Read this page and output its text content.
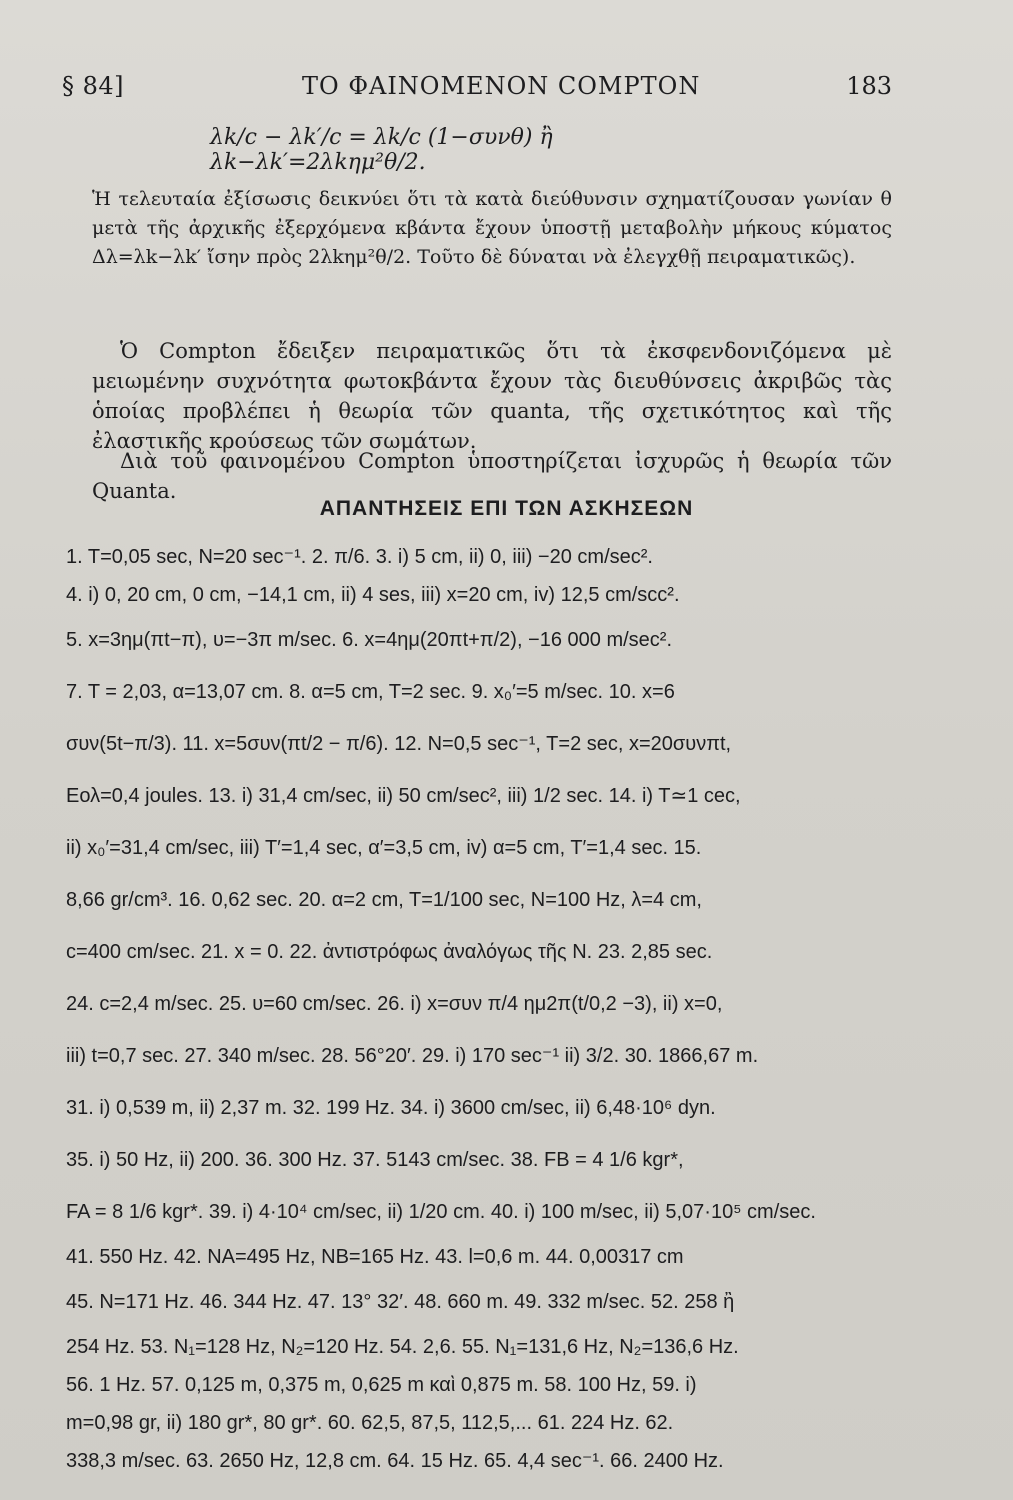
§ 84]	ΤΟ ΦΑΙΝΟΜΕΝΟΝ COMPTON	183
λk/c − λk′/c = λk/c (1−συνθ) ἢ λk−λk′=2λkημ²θ/2.
Ἡ τελευταία ἐξίσωσις δεικνύει ὅτι τὰ κατὰ διεύθυνσιν σχηματίζουσαν γωνίαν θ μετὰ τῆς ἀρχικῆς ἐξερχόμενα κβάντα ἔχουν ὑποστῇ μεταβολὴν μήκους κύματος Δλ=λk−λk′ ἴσην πρὸς 2λkημ²θ/2. Τοῦτο δὲ δύναται νὰ ἐλεγχθῇ πειραματικῶς).
Ὁ Compton ἔδειξεν πειραματικῶς ὅτι τὰ ἐκσφενδονιζόμενα μὲ μειωμένην συχνότητα φωτοκβάντα ἔχουν τὰς διευθύνσεις ἀκριβῶς τὰς ὁποίας προβλέπει ἡ θεωρία τῶν quanta, τῆς σχετικότητος καὶ τῆς ἐλαστικῆς κρούσεως τῶν σωμάτων.
Διὰ τοῦ φαινομένου Compton ὑποστηρίζεται ἰσχυρῶς ἡ θεωρία τῶν Quanta.
ΑΠΑΝΤΗΣΕΙΣ ΕΠΙ ΤΩΝ ΑΣΚΗΣΕΩΝ
1. T=0,05 sec, N=20 sec⁻¹. 2. π/6. 3. i) 5 cm, ii) 0, iii) −20 cm/sec².
4. i) 0, 20 cm, 0 cm, −14,1 cm, ii) 4 ses, iii) x=20 cm, iv) 12,5 cm/scc².
5. x=3ημ(πt−π), υ=−3π m/sec. 6. x=4ημ(20πt+π/2), −16 000 m/sec².
7. T = 2,03, α=13,07 cm. 8. α=5 cm, T=2 sec. 9. x₀′=5 m/sec. 10. x=6
συν(5t−π/3). 11. x=5συν(πt/2 − π/6). 12. N=0,5 sec⁻¹, T=2 sec, x=20συνπt,
Eολ=0,4 joules. 13. i) 31,4 cm/sec, ii) 50 cm/sec², iii) 1/2 sec. 14. i) T≃1 cec,
ii) x₀′=31,4 cm/sec, iii) T′=1,4 sec, α′=3,5 cm, iv) α=5 cm, T′=1,4 sec. 15.
8,66 gr/cm³. 16. 0,62 sec. 20. α=2 cm, T=1/100 sec, N=100 Hz, λ=4 cm,
c=400 cm/sec. 21. x = 0. 22. ἀντιστρόφως ἀναλόγως τῆς N. 23. 2,85 sec.
24. c=2,4 m/sec. 25. υ=60 cm/sec. 26. i) x=συν π/4 ημ2π(t/0,2 −3), ii) x=0,
iii) t=0,7 sec. 27. 340 m/sec. 28. 56°20′. 29. i) 170 sec⁻¹ ii) 3/2. 30. 1866,67 m.
31. i) 0,539 m, ii) 2,37 m. 32. 199 Hz. 34. i) 3600 cm/sec, ii) 6,48·10⁶ dyn.
35. i) 50 Hz, ii) 200. 36. 300 Hz. 37. 5143 cm/sec. 38. FB = 4 1/6 kgr*,
FA = 8 1/6 kgr*. 39. i) 4·10⁴ cm/sec, ii) 1/20 cm. 40. i) 100 m/sec, ii) 5,07·10⁵ cm/sec.
41. 550 Hz. 42. NA=495 Hz, NB=165 Hz. 43. l=0,6 m. 44. 0,00317 cm
45. N=171 Hz. 46. 344 Hz. 47. 13° 32′. 48. 660 m. 49. 332 m/sec. 52. 258 ἢ
254 Hz. 53. N₁=128 Hz, N₂=120 Hz. 54. 2,6. 55. N₁=131,6 Hz, N₂=136,6 Hz.
56. 1 Hz. 57. 0,125 m, 0,375 m, 0,625 m καὶ 0,875 m. 58. 100 Hz, 59. i)
m=0,98 gr, ii) 180 gr*, 80 gr*. 60. 62,5, 87,5, 112,5,... 61. 224 Hz. 62.
338,3 m/sec. 63. 2650 Hz, 12,8 cm. 64. 15 Hz. 65. 4,4 sec⁻¹. 66. 2400 Hz.
